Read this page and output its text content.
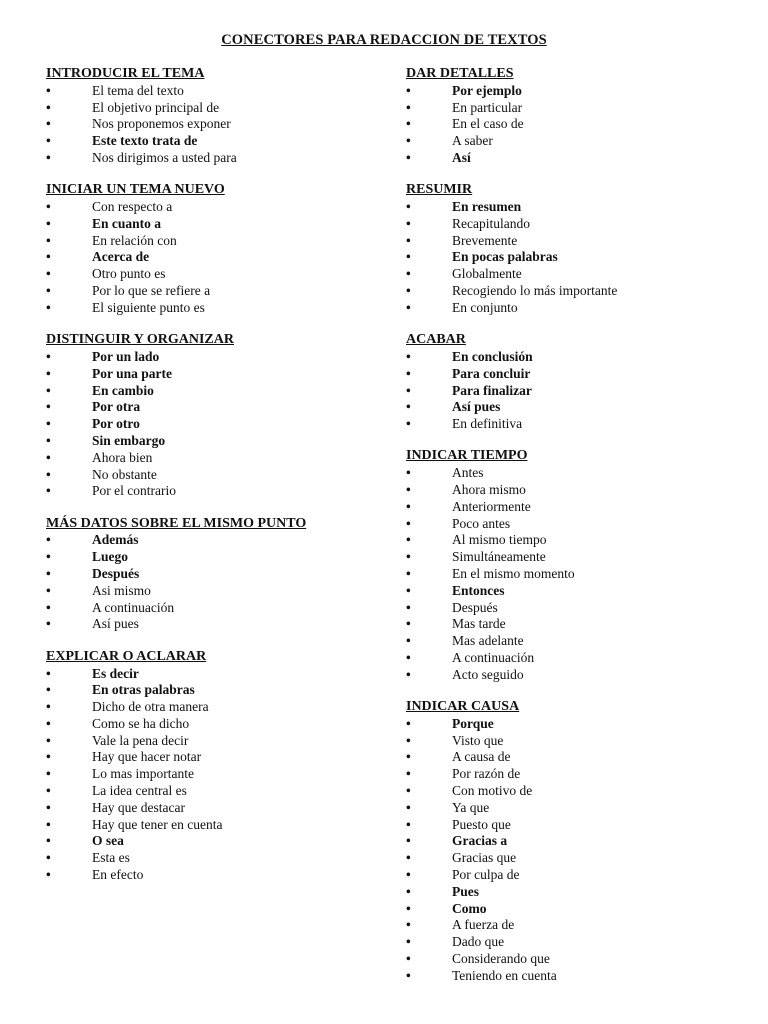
CONECTORES PARA REDACCION DE TEXTOS
INTRODUCIR EL TEMA
•	El tema del texto
•	El objetivo principal de
•	Nos proponemos exponer
•	Este texto trata de
•	Nos dirigimos a usted para
INICIAR UN TEMA NUEVO
•	Con respecto a
•	En cuanto a
•	En relación con
•	Acerca de
•	Otro punto es
•	Por lo que se refiere a
•	El siguiente punto es
DISTINGUIR Y ORGANIZAR
•	Por un lado
•	Por una parte
•	En cambio
•	Por otra
•	Por otro
•	Sin embargo
•	Ahora bien
•	No obstante
•	Por el contrario
MÁS DATOS SOBRE EL MISMO PUNTO
•	Además
•	Luego
•	Después
•	Asi mismo
•	A continuación
•	Así pues
EXPLICAR O ACLARAR
•	Es decir
•	En otras palabras
•	Dicho de otra manera
•	Como se ha dicho
•	Vale la pena decir
•	Hay que hacer notar
•	Lo mas importante
•	La idea central es
•	Hay que destacar
•	Hay que tener en cuenta
•	O sea
•	Esta es
•	En efecto
DAR DETALLES
•	Por ejemplo
•	En particular
•	En el caso de
•	A saber
•	Así
RESUMIR
•	En resumen
•	Recapitulando
•	Brevemente
•	En pocas palabras
•	Globalmente
•	Recogiendo lo más importante
•	En conjunto
ACABAR
•	En conclusión
•	Para concluir
•	Para finalizar
•	Así pues
•	En definitiva
INDICAR TIEMPO
•	Antes
•	Ahora mismo
•	Anteriormente
•	Poco antes
•	Al mismo tiempo
•	Simultáneamente
•	En el mismo momento
•	Entonces
•	Después
•	Mas tarde
•	Mas adelante
•	A continuación
•	Acto seguido
INDICAR CAUSA
•	Porque
•	Visto que
•	A causa de
•	Por razón de
•	Con motivo de
•	Ya que
•	Puesto que
•	Gracias a
•	Gracias que
•	Por culpa de
•	Pues
•	Como
•	A fuerza de
•	Dado que
•	Considerando que
•	Teniendo en cuenta
